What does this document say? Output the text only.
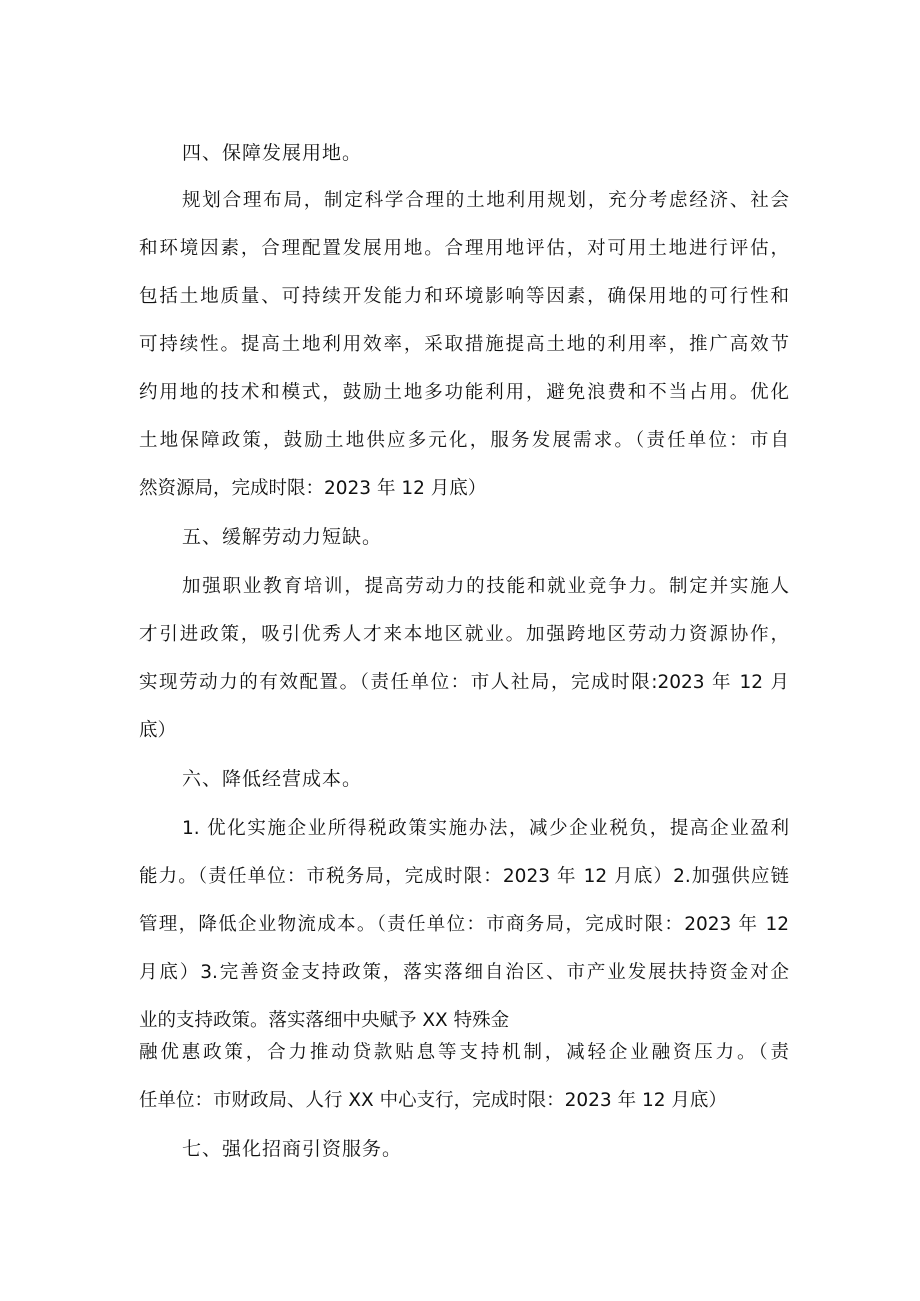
四、保障发展用地。
规划合理布局，制定科学合理的土地利用规划，充分考虑经济、社会
和环境因素，合理配置发展用地。合理用地评估，对可用土地进行评估，
包括土地质量、可持续开发能力和环境影响等因素，确保用地的可行性和
可持续性。提高土地利用效率，采取措施提高土地的利用率，推广高效节
约用地的技术和模式，鼓励土地多功能利用，避免浪费和不当占用。优化
土地保障政策，鼓励土地供应多元化，服务发展需求。（责任单位：市自
然资源局，完成时限：2023 年 12 月底）
五、缓解劳动力短缺。
加强职业教育培训，提高劳动力的技能和就业竞争力。制定并实施人
才引进政策，吸引优秀人才来本地区就业。加强跨地区劳动力资源协作，
实现劳动力的有效配置。（责任单位：市人社局，完成时限:2023 年 12 月
底）
六、降低经营成本。
1. 优化实施企业所得税政策实施办法，减少企业税负，提高企业盈利
能力。（责任单位：市税务局，完成时限：2023 年 12 月底）2.加强供应链
管理，降低企业物流成本。（责任单位：市商务局，完成时限：2023 年 12
月底）3.完善资金支持政策，落实落细自治区、市产业发展扶持资金对企
业的支持政策。落实落细中央赋予 XX 特殊金
融优惠政策，合力推动贷款贴息等支持机制，减轻企业融资压力。（责
任单位：市财政局、人行 XX 中心支行，完成时限：2023 年 12 月底）
七、强化招商引资服务。
